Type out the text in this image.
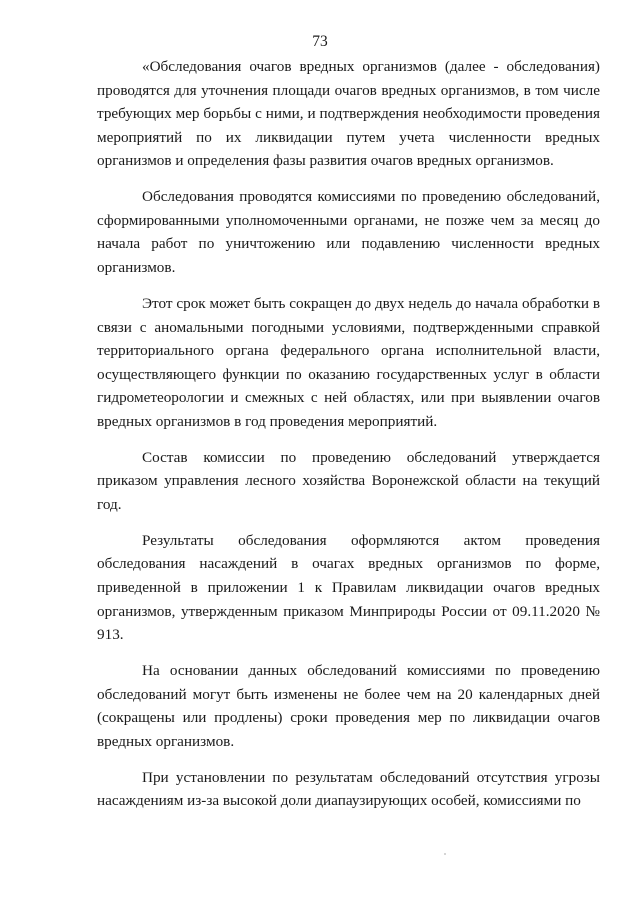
73

«Обследования очагов вредных организмов (далее - обследования) проводятся для уточнения площади очагов вредных организмов, в том числе требующих мер борьбы с ними, и подтверждения необходимости проведения мероприятий по их ликвидации путем учета численности вредных организмов и определения фазы развития очагов вредных организмов.

Обследования проводятся комиссиями по проведению обследований, сформированными уполномоченными органами, не позже чем за месяц до начала работ по уничтожению или подавлению численности вредных организмов.

Этот срок может быть сокращен до двух недель до начала обработки в связи с аномальными погодными условиями, подтвержденными справкой территориального органа федерального органа исполнительной власти, осуществляющего функции по оказанию государственных услуг в области гидрометеорологии и смежных с ней областях, или при выявлении очагов вредных организмов в год проведения мероприятий.

Состав комиссии по проведению обследований утверждается приказом управления лесного хозяйства Воронежской области на текущий год.

Результаты обследования оформляются актом проведения обследования насаждений в очагах вредных организмов по форме, приведенной в приложении 1 к Правилам ликвидации очагов вредных организмов, утвержденным приказом Минприроды России от 09.11.2020 № 913.

На основании данных обследований комиссиями по проведению обследований могут быть изменены не более чем на 20 календарных дней (сокращены или продлены) сроки проведения мер по ликвидации очагов вредных организмов.

При установлении по результатам обследований отсутствия угрозы насаждениям из-за высокой доли диапаузирующих особей, комиссиями по
